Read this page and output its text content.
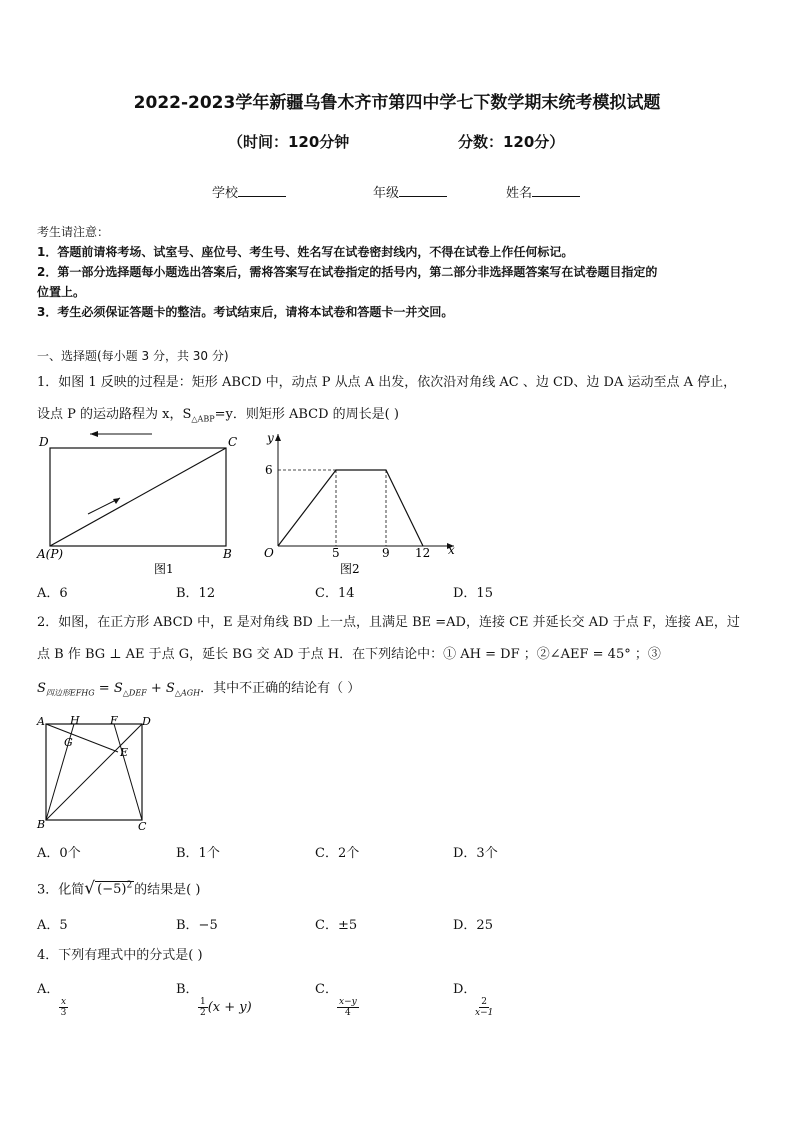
2022-2023学年新疆乌鲁木齐市第四中学七下数学期末统考模拟试题
（时间：120分钟	分数：120分）
学校	年级	姓名
考生请注意：
1．答题前请将考场、试室号、座位号、考生号、姓名写在试卷密封线内，不得在试卷上作任何标记。
2．第一部分选择题每小题选出答案后，需将答案写在试卷指定的括号内，第二部分非选择题答案写在试卷题目指定的
位置上。
3．考生必须保证答题卡的整洁。考试结束后，请将本试卷和答题卡一并交回。
一、选择题(每小题 3 分，共 30 分)
1．如图 1 反映的过程是：矩形 ABCD 中，动点 P 从点 A 出发，依次沿对角线 AC 、边 CD、边 DA 运动至点 A 停止，
设点 P 的运动路程为 x，$S_{\triangle ABP}=y$．则矩形 ABCD 的周长是( )
D	C
A(P)	B
图1
y
x
O
6
5	9 12
图2
A．6	B．12	C．14	D．15
2．如图，在正方形 ABCD 中，E 是对角线 BD 上一点，且满足 BE =AD，连接 CE 并延长交 AD 于点 F，连接 AE，过
点 B 作 BG ⊥ AE 于点 G，延长 BG 交 AD 于点 H．在下列结论中：① AH = DF ；②∠AEF = 45° ；③
$S_{四边形EFHG} = S_{\triangle DEF} + S_{\triangle AGH}$．其中不正确的结论有（ ）
A H	F D
G
E
B	C
A．0个	B．1个	C．2个	D．3个
3．化简√ $(-5)^2$ 的结果是( )
A．5	B．−5	C．±5	D．25
4．下列有理式中的分式是( )
A．

$\frac{x}{3}$
B．

$\frac{1}{2} (x + y)$
C．

$\frac{x-y}{4}$
D．

$\frac{2}{x-1}$
